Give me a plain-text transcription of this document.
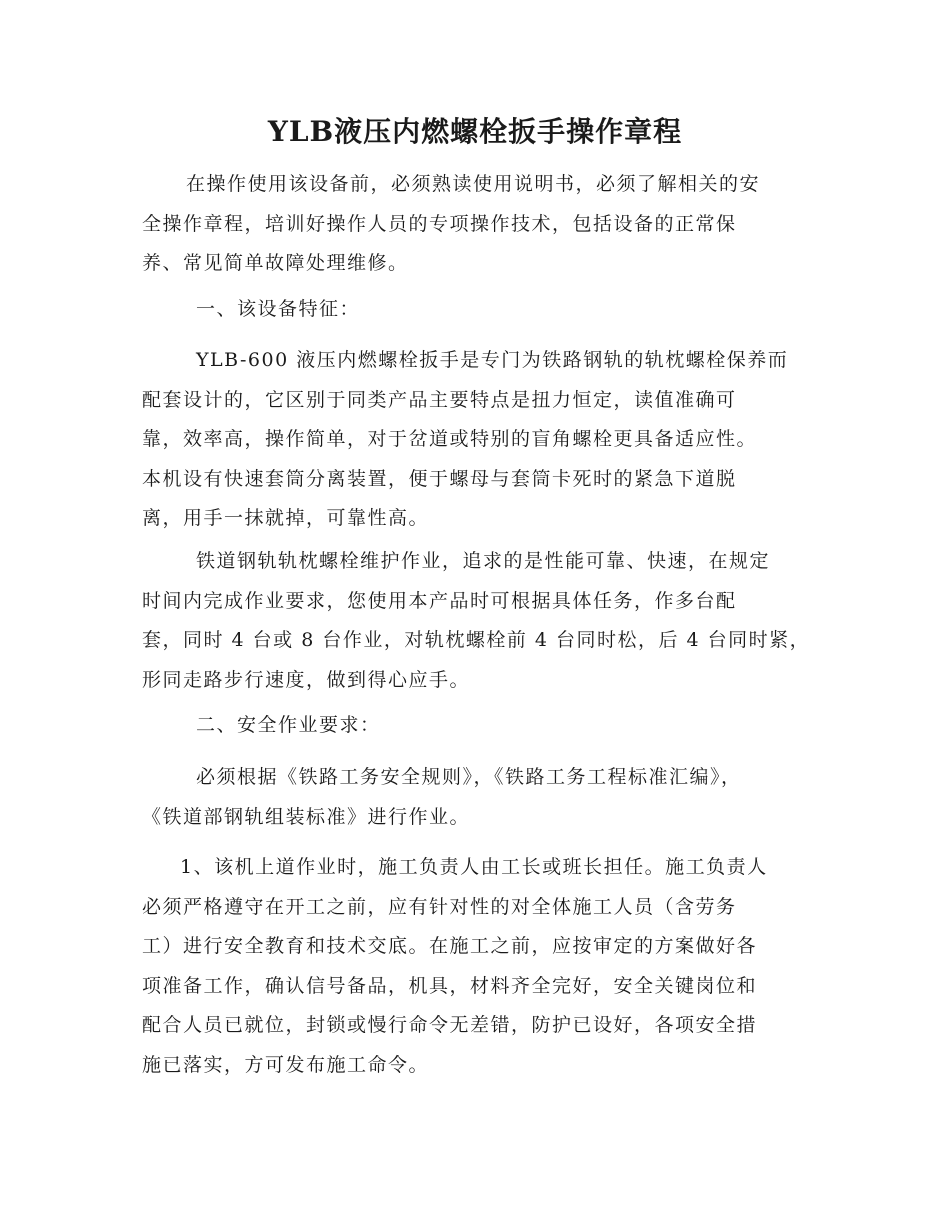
YLB液压内燃螺栓扳手操作章程

在操作使用该设备前，必须熟读使用说明书，必须了解相关的安
全操作章程，培训好操作人员的专项操作技术，包括设备的正常保
养、常见简单故障处理维修。

一、该设备特征：

YLB-600 液压内燃螺栓扳手是专门为铁路钢轨的轨枕螺栓保养而
配套设计的，它区别于同类产品主要特点是扭力恒定，读值准确可
靠，效率高，操作简单，对于岔道或特别的盲角螺栓更具备适应性。
本机设有快速套筒分离装置，便于螺母与套筒卡死时的紧急下道脱
离，用手一抹就掉，可靠性高。

铁道钢轨轨枕螺栓维护作业，追求的是性能可靠、快速，在规定
时间内完成作业要求，您使用本产品时可根据具体任务，作多台配
套，同时 4 台或 8 台作业，对轨枕螺栓前 4 台同时松，后 4 台同时紧，
形同走路步行速度，做到得心应手。

二、安全作业要求：

必须根据《铁路工务安全规则》，《铁路工务工程标准汇编》，
《铁道部钢轨组装标准》进行作业。

1、该机上道作业时，施工负责人由工长或班长担任。施工负责人
必须严格遵守在开工之前，应有针对性的对全体施工人员（含劳务
工）进行安全教育和技术交底。在施工之前，应按审定的方案做好各
项准备工作，确认信号备品，机具，材料齐全完好，安全关键岗位和
配合人员已就位，封锁或慢行命令无差错，防护已设好，各项安全措
施已落实，方可发布施工命令。
